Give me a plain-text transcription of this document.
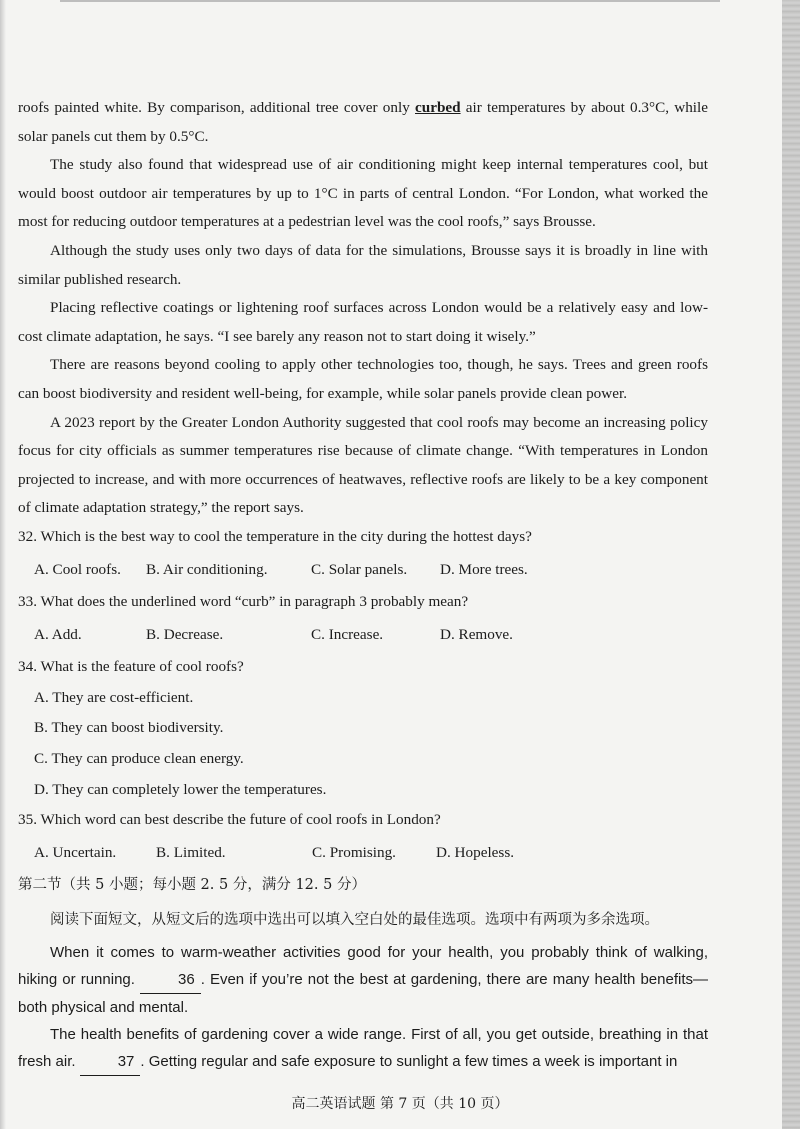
roofs painted white. By comparison, additional tree cover only curbed air temperatures by about 0.3°C, while solar panels cut them by 0.5°C.

The study also found that widespread use of air conditioning might keep internal temperatures cool, but would boost outdoor air temperatures by up to 1°C in parts of central London. “For London, what worked the most for reducing outdoor temperatures at a pedestrian level was the cool roofs,” says Brousse.

Although the study uses only two days of data for the simulations, Brousse says it is broadly in line with similar published research.

Placing reflective coatings or lightening roof surfaces across London would be a relatively easy and low-cost climate adaptation, he says. “I see barely any reason not to start doing it wisely.”

There are reasons beyond cooling to apply other technologies too, though, he says. Trees and green roofs can boost biodiversity and resident well-being, for example, while solar panels provide clean power.

A 2023 report by the Greater London Authority suggested that cool roofs may become an increasing policy focus for city officials as summer temperatures rise because of climate change. “With temperatures in London projected to increase, and with more occurrences of heatwaves, reflective roofs are likely to be a key component of climate adaptation strategy,” the report says.

32. Which is the best way to cool the temperature in the city during the hottest days?

A. Cool roofs.	B. Air conditioning.	C. Solar panels.	D. More trees.

33. What does the underlined word “curb” in paragraph 3 probably mean?

A. Add.	B. Decrease.	C. Increase.	D. Remove.

34. What is the feature of cool roofs?

A. They are cost-efficient.

B. They can boost biodiversity.

C. They can produce clean energy.

D. They can completely lower the temperatures.

35. Which word can best describe the future of cool roofs in London?

A. Uncertain.	B. Limited.	C. Promising.	D. Hopeless.

第二节（共 5 小题；每小题 2. 5 分，满分 12. 5 分）

阅读下面短文，从短文后的选项中选出可以填入空白处的最佳选项。选项中有两项为多余选项。

When it comes to warm-weather activities good for your health, you probably think of walking, hiking or running.	36 . Even if you’re not the best at gardening, there are many health benefits—both physical and mental.

The health benefits of gardening cover a wide range. First of all, you get outside, breathing in that fresh air.	37 . Getting regular and safe exposure to sunlight a few times a week is important in

高二英语试题 第 7 页（共 10 页）
